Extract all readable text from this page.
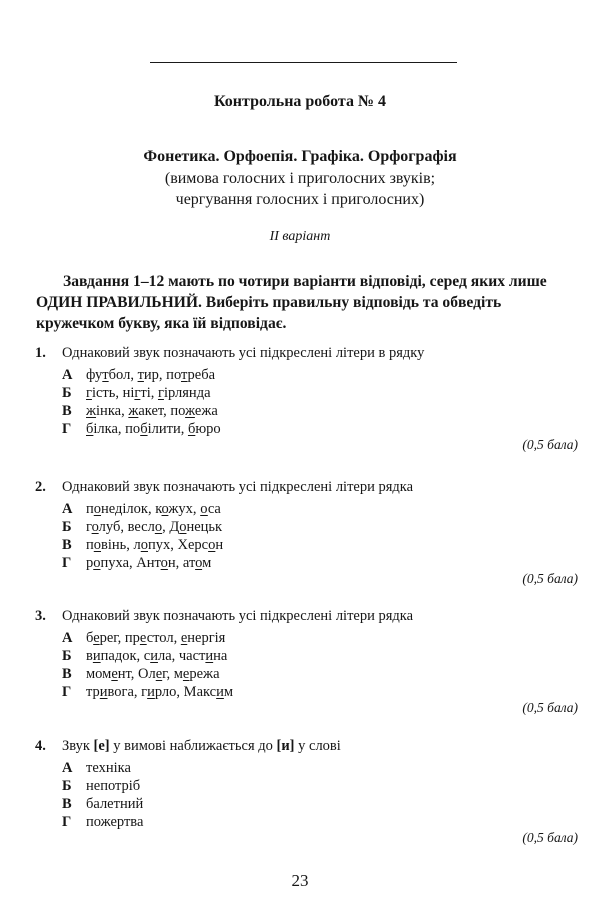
Контрольна робота № 4
Фонетика. Орфоепія. Графіка. Орфографія
(вимова голосних і приголосних звуків;
чергування голосних і приголосних)
II варіант
Завдання 1–12 мають по чотири варіанти відповіді, серед яких лише ОДИН ПРАВИЛЬНИЙ. Виберіть правильну відповідь та обведіть кружечком букву, яка їй відповідає.
1. Однаковий звук позначають усі підкреслені літери в рядку
А футбол, тир, потреба
Б гість, нігті, гірлянда
В жінка, жакет, пожежа
Г білка, побілити, бюро
(0,5 бала)
2. Однаковий звук позначають усі підкреслені літери рядка
А понеділок, кожух, оса
Б голуб, весло, Донецьк
В повінь, лопух, Херсон
Г ропуха, Антон, атом
(0,5 бала)
3. Однаковий звук позначають усі підкреслені літери рядка
А берег, престол, енергія
Б випадок, сила, частина
В момент, Олег, мережа
Г тривога, гирло, Максим
(0,5 бала)
4. Звук [е] у вимові наближається до [и] у слові
А техніка
Б непотріб
В балетний
Г пожертва
(0,5 бала)
23
